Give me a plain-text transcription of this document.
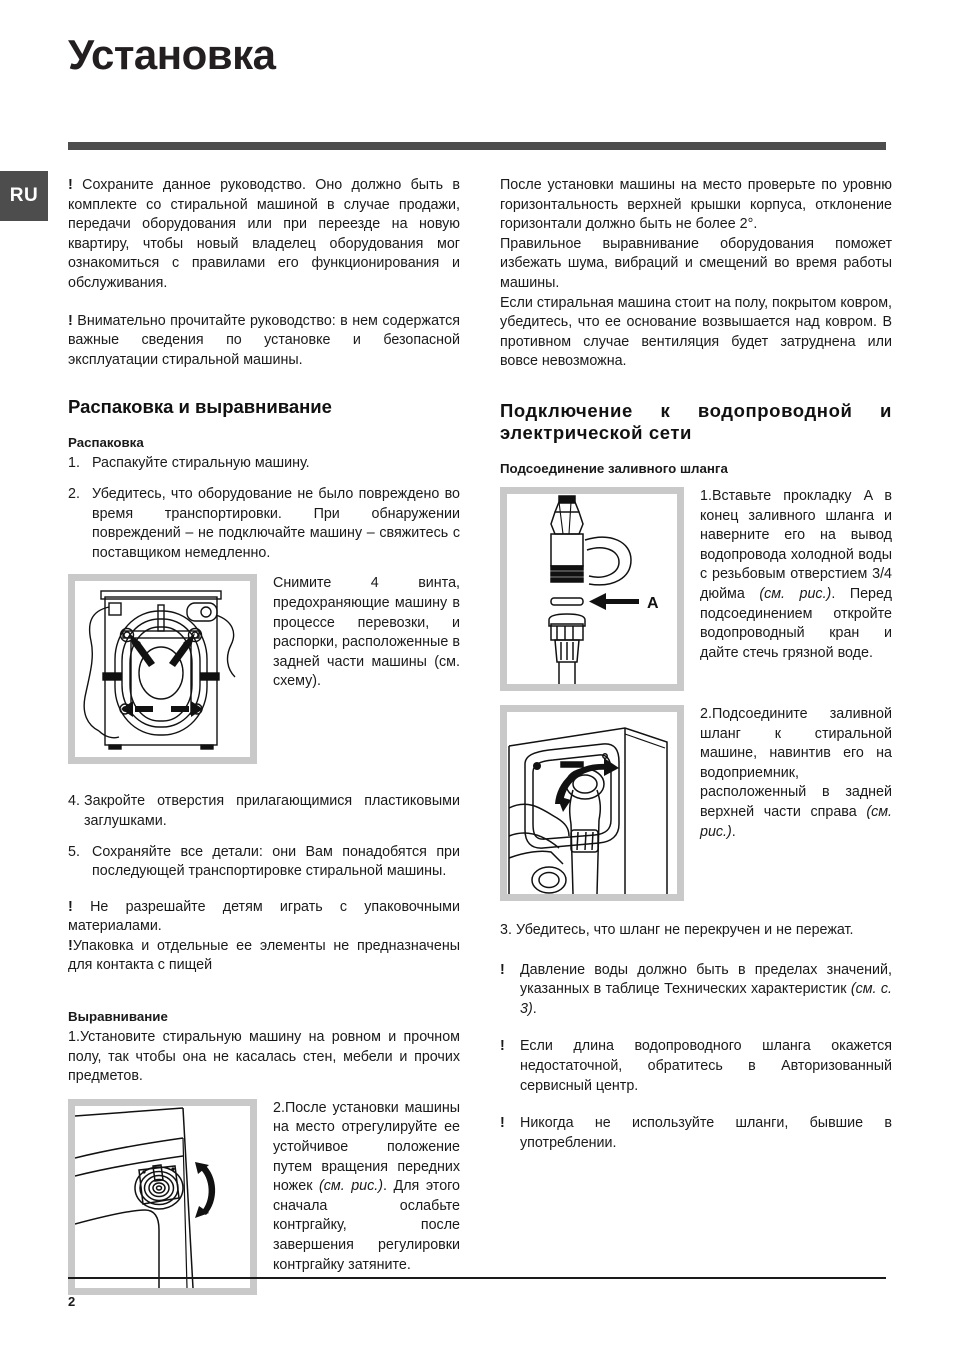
Установка
RU	! Сохраните данное руководство. Оно должно быть в комплекте со стиральной машиной в случае продажи, передачи оборудования или при переезде на новую квартиру, чтобы новый владелец оборудования мог ознакомиться с правилами его функционирования и обслуживания.

! Внимательно прочитайте руководство: в нем содержатся важные сведения по установке и безопасной эксплуатации стиральной машины.

Распаковка и выравнивание
Распаковка
1. Распакуйте стиральную машину.
2. Убедитесь, что оборудование не было повреждено во время транспортировки. При обнаружении повреждений – не подключайте машину – свяжитесь с поставщиком немедленно.
Снимите 4 винта, предохраняющие машину в процессе перевозки, и распорки, расположенные в задней части машины (см. схему).
4. Закройте отверстия прилагающимися пластиковыми заглушками.
5. Сохраняйте все детали: они Вам понадобятся при последующей транспортировке стиральной машины.

! Не разрешайте детям играть с упаковочными материалами.

!Упаковка и отдельные ее элементы не предназначены для контакта с пищей

Выравнивание

1.Установите стиральную машину на ровном и прочном полу, так чтобы она не касалась стен, мебели и прочих предметов.

2.После установки машины на место отрегулируйте ее устойчивое положение путем вращения передних ножек (см. рис.). Для этого сначала ослабьте контргайку, после завершения регулировки контргайку затяните.

После установки машины на место проверьте по уровню горизонтальность верхней крышки корпуса, отклонение горизонтали должно быть не более 2°.

Правильное выравнивание оборудования поможет избежать шума, вибраций и смещений во время работы машины.

Если стиральная машина стоит на полу, покрытом ковром, убедитесь, что ее основание возвышается над ковром. В противном случае вентиляция будет затруднена или вовсе невозможна.

Подключение к водопроводной и
электрической сети
Подсоединение заливного шланга
A
1.Вставьте прокладку A в конец заливного шланга и наверните его на вывод водопровода холодной воды с резьбовым отверстием 3/4 дюйма (см. рис.). Перед подсоединением откройте водопроводный кран и дайте стечь грязной воде.
2.Подсоедините заливной шланг к стиральной машине, навинтив его на водоприемник, расположенный в задней верхней части справа (см. рис.).
3. Убедитесь, что шланг не перекручен и не пережат.
! Давление воды должно быть в пределах значений, указанных в таблице Технических характеристик (см. с. 3).
! Если длина водопроводного шланга окажется недостаточной, обратитесь в Авторизованный сервисный центр.
! Никогда не используйте шланги, бывшие в употреблении.
2
